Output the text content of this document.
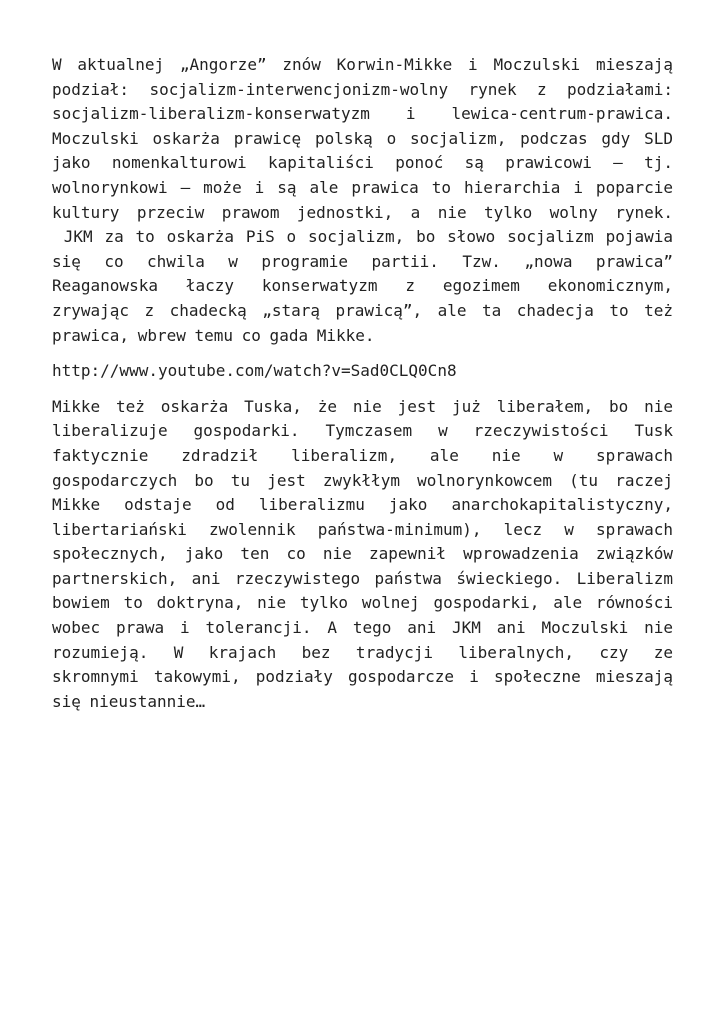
W aktualnej „Angorze” znów Korwin-Mikke i Moczulski mieszają
podział: socjalizm-interwencjonizm-wolny rynek z podziałami:
socjalizm-liberalizm-konserwatyzm i lewica-centrum-prawica.
Moczulski oskarża prawicę polską o socjalizm, podczas gdy SLD
jako nomenkalturowi kapitaliści ponoć są prawicowi – tj.
wolnorynkowi – może i są ale prawica to hierarchia i poparcie
kultury przeciw prawom jednostki, a nie tylko wolny rynek.
JKM za to oskarża PiS o socjalizm, bo słowo socjalizm pojawia
się co chwila w programie partii. Tzw. „nowa prawica”
Reaganowska łaczy konserwatyzm z egozimem ekonomicznym,
zrywając z chadecką „starą prawicą”, ale ta chadecja to też
prawica, wbrew temu co gada Mikke.

http://www.youtube.com/watch?v=Sad0CLQ0Cn8

Mikke też oskarża Tuska, że nie jest już liberałem, bo nie
liberalizuje gospodarki. Tymczasem w rzeczywistości Tusk
faktycznie zdradził liberalizm, ale nie w sprawach
gospodarczych bo tu jest zwykłłym wolnorynkowcem (tu raczej
Mikke odstaje od liberalizmu jako anarchokapitalistyczny,
libertariański zwolennik państwa-minimum), lecz w sprawach
społecznych, jako ten co nie zapewnił wprowadzenia związków
partnerskich, ani rzeczywistego państwa świeckiego. Liberalizm
bowiem to doktryna, nie tylko wolnej gospodarki, ale równości
wobec prawa i tolerancji. A tego ani JKM ani Moczulski nie
rozumieją. W krajach bez tradycji liberalnych, czy ze
skromnymi takowymi, podziały gospodarcze i społeczne mieszają
się nieustannie…
